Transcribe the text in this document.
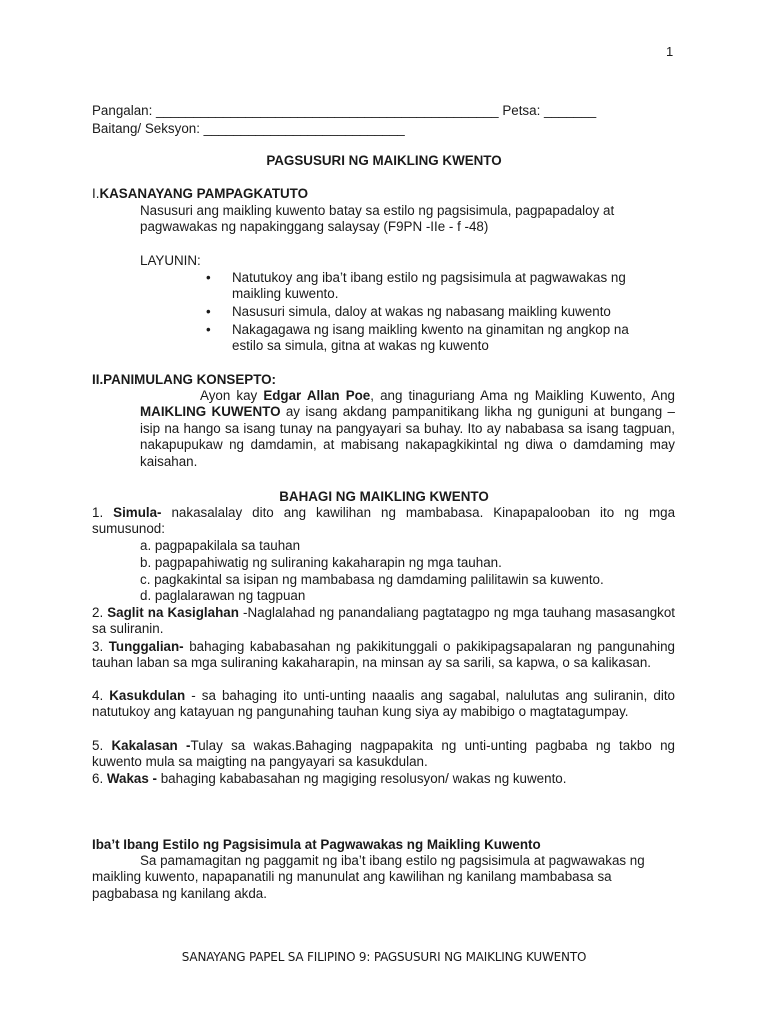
1
Pangalan: ______________________________________________ Petsa: _______
Baitang/ Seksyon: ___________________________
PAGSUSURI NG MAIKLING KWENTO
I.KASANAYANG PAMPAGKATUTO
Nasusuri ang maikling kuwento batay sa estilo ng pagsisimula, pagpapadaloy at pagwawakas ng napakinggang salaysay (F9PN -IIe - f -48)
LAYUNIN:
• Natutukoy ang iba’t ibang estilo ng pagsisimula at pagwawakas ng maikling kuwento.
• Nasusuri simula, daloy at wakas ng nabasang maikling kuwento
• Nakagagawa ng isang maikling kwento na ginamitan ng angkop na estilo sa simula, gitna at wakas ng kuwento
II.PANIMULANG KONSEPTO:

Ayon kay Edgar Allan Poe, ang tinaguriang Ama ng Maikling Kuwento, Ang MAIKLING KUWENTO ay isang akdang pampanitikang likha ng guniguni at bungang –isip na hango sa isang tunay na pangyayari sa buhay. Ito ay nababasa sa isang tagpuan, nakapupukaw ng damdamin, at mabisang nakapagkikintal ng diwa o damdaming may kaisahan.

BAHAGI NG MAIKLING KWENTO

1. Simula- nakasalalay dito ang kawilihan ng mambabasa. Kinapapalooban ito ng mga sumusunod:

a. pagpapakilala sa tauhan
b. pagpapahiwatig ng suliraning kakaharapin ng mga tauhan.
c. pagkakintal sa isipan ng mambabasa ng damdaming palilitawin sa kuwento.
d. paglalarawan ng tagpuan

2. Saglit na Kasiglahan -Naglalahad ng panandaliang pagtatagpo ng mga tauhang masasangkot sa suliranin.

3. Tunggalian- bahaging kababasahan ng pakikitunggali o pakikipagsapalaran ng pangunahing tauhan laban sa mga suliraning kakaharapin, na minsan ay sa sarili, sa kapwa, o sa kalikasan.

4. Kasukdulan - sa bahaging ito unti-unting naaalis ang sagabal, nalulutas ang suliranin, dito natutukoy ang katayuan ng pangunahing tauhan kung siya ay mabibigo o magtatagumpay.

5. Kakalasan -Tulay sa wakas.Bahaging nagpapakita ng unti-unting pagbaba ng takbo ng kuwento mula sa maigting na pangyayari sa kasukdulan.

6. Wakas - bahaging kababasahan ng magiging resolusyon/ wakas ng kuwento.

Iba’t Ibang Estilo ng Pagsisimula at Pagwawakas ng Maikling Kuwento

Sa pamamagitan ng paggamit ng iba’t ibang estilo ng pagsisimula at pagwawakas ng maikling kuwento, napapanatili ng manunulat ang kawilihan ng kanilang mambabasa sa pagbabasa ng kanilang akda.

SANAYANG PAPEL SA FILIPINO 9: PAGSUSURI NG MAIKLING KUWENTO
